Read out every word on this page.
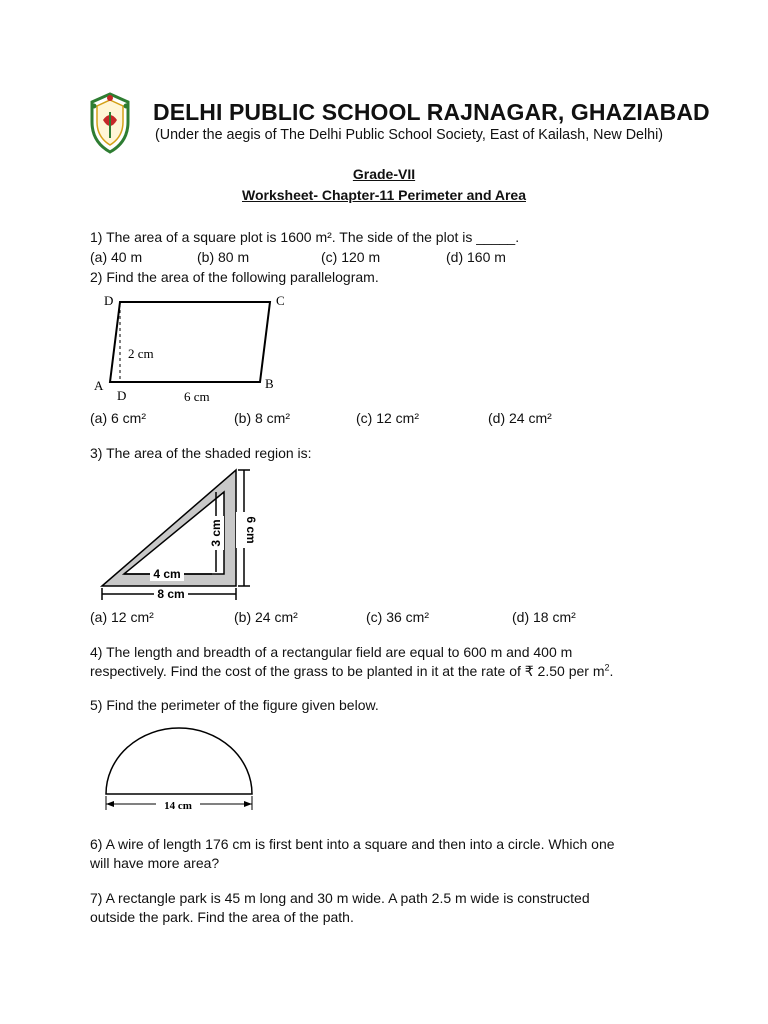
DELHI PUBLIC SCHOOL RAJNAGAR, GHAZIABAD
(Under the aegis of The Delhi Public School Society, East of Kailash, New Delhi)
Grade-VII
Worksheet- Chapter-11 Perimeter and Area
1) The area of a square plot is 1600 m². The side of the plot is _____.
(a) 40 m	(b) 80 m	(c) 120 m	(d) 160 m
2) Find the area of the following parallelogram.
D	C
A	B
D
2 cm
6 cm
(a) 6 cm²	(b) 8 cm²	(c) 12 cm²	(d) 24 cm²
3) The area of the shaded region is:
6 cm
3 cm
4 cm
8 cm
(a) 12 cm²	(b) 24 cm²	(c) 36 cm²	(d) 18 cm²
4) The length and breadth of a rectangular field are equal to 600 m and 400 m
respectively. Find the cost of the grass to be planted in it at the rate of ₹ 2.50 per $m^2$.
5) Find the perimeter of the figure given below.
14 cm
6) A wire of length 176 cm is first bent into a square and then into a circle. Which one
will have more area?
7) A rectangle park is 45 m long and 30 m wide. A path 2.5 m wide is constructed
outside the park. Find the area of the path.
